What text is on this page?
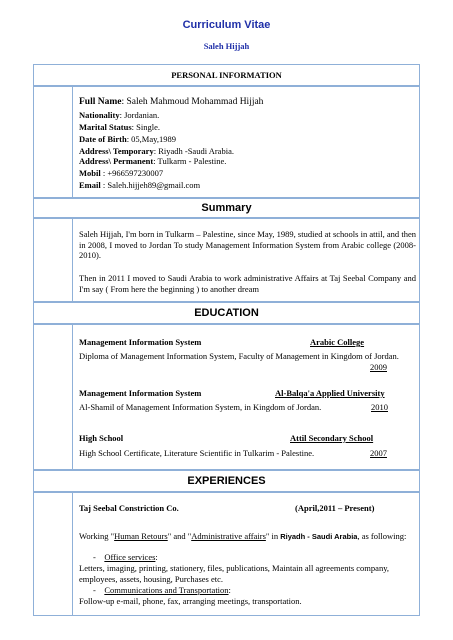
Curriculum Vitae
Saleh Hijjah
PERSONAL INFORMATION
Full Name: Saleh Mahmoud Mohammad Hijjah
Nationality: Jordanian.
Marital Status: Single.
Date of Birth: 05,May,1989
Address\ Temporary: Riyadh -Saudi Arabia.
Address\ Permanent: Tulkarm - Palestine.
Mobil : +966597230007
Email : Saleh.hijjeh89@gmail.com
Summary
Saleh Hijjah, I'm born in Tulkarm – Palestine, since May, 1989, studied at schools in attil, and then in 2008, I moved to Jordan To study Management Information System from Arabic college (2008-2010).
Then in 2011 I moved to Saudi Arabia to work administrative Affairs at Taj Seebal Company and I'm say ( From here the beginning ) to another dream
EDUCATION
Management Information System	Arabic College
Diploma of Management Information System, Faculty of Management in Kingdom of Jordan.
2009
Management Information System	Al-Balqa'a Applied University
Al-Shamil of Management Information System, in Kingdom of Jordan.	2010
High School	Attil Secondary School
High School Certificate, Literature Scientific in Tulkarim - Palestine.	2007
EXPERIENCES
Taj Seebal Constriction Co.	(April,2011 – Present)
Working "Human Retours" and "Administrative affairs" in Riyadh - Saudi Arabia, as following:
- Office services:
Letters, imaging, printing, stationery, files, publications, Maintain all agreements company, employees, assets, housing, Purchases etc.
- Communications and Transportation:
Follow-up e-mail, phone, fax, arranging meetings, transportation.
